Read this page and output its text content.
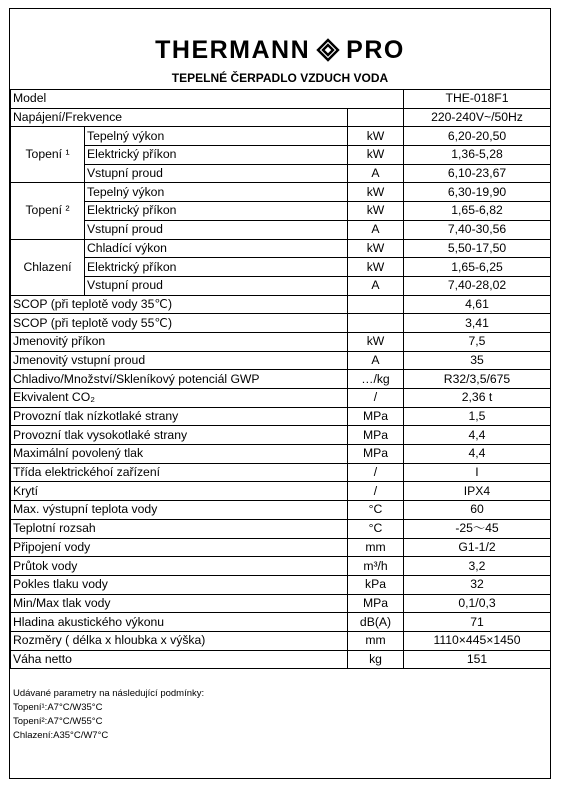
THERMANN PRO
TEPELNÉ ČERPADLO VZDUCH VODA
Model			THE-018F1
Napájení/Frekvence			220-240V~/50Hz
Topení ¹	Tepelný výkon	kW	6,20-20,50
	Elektrický příkon	kW	1,36-5,28
	Vstupní proud	A	6,10-23,67
Topení ²	Tepelný výkon	kW	6,30-19,90
	Elektrický příkon	kW	1,65-6,82
	Vstupní proud	A	7,40-30,56
Chlazení	Chladící výkon	kW	5,50-17,50
	Elektrický příkon	kW	1,65-6,25
	Vstupní proud	A	7,40-28,02
SCOP (při teplotě vody 35℃)			4,61
SCOP (při teplotě vody 55℃)			3,41
Jmenovitý příkon		kW	7,5
Jmenovitý vstupní proud		A	35
Chladivo/Množství/Skleníkový potenciál GWP		…/kg	R32/3,5/675
Ekvivalent CO₂		/	2,36 t
Provozní tlak nízkotlaké strany		MPa	1,5
Provozní tlak vysokotlaké strany		MPa	4,4
Maximální povolený tlak		MPa	4,4
Třída elektrickéhoí zařízení		/	I
Krytí		/	IPX4
Max. výstupní teplota vody		°C	60
Teplotní rozsah		°C	-25～45
Připojení vody		mm	G1-1/2
Průtok vody		m³/h	3,2
Pokles tlaku vody		kPa	32
Min/Max tlak vody		MPa	0,1/0,3
Hladina akustického výkonu		dB(A)	71
Rozměry ( délka x hloubka x výška)		mm	1110×445×1450
Váha netto		kg	151
Udávané parametry na následující podmínky:
Topení¹:A7°C/W35°C
Topení²:A7°C/W55°C
Chlazení:A35°C/W7°C
